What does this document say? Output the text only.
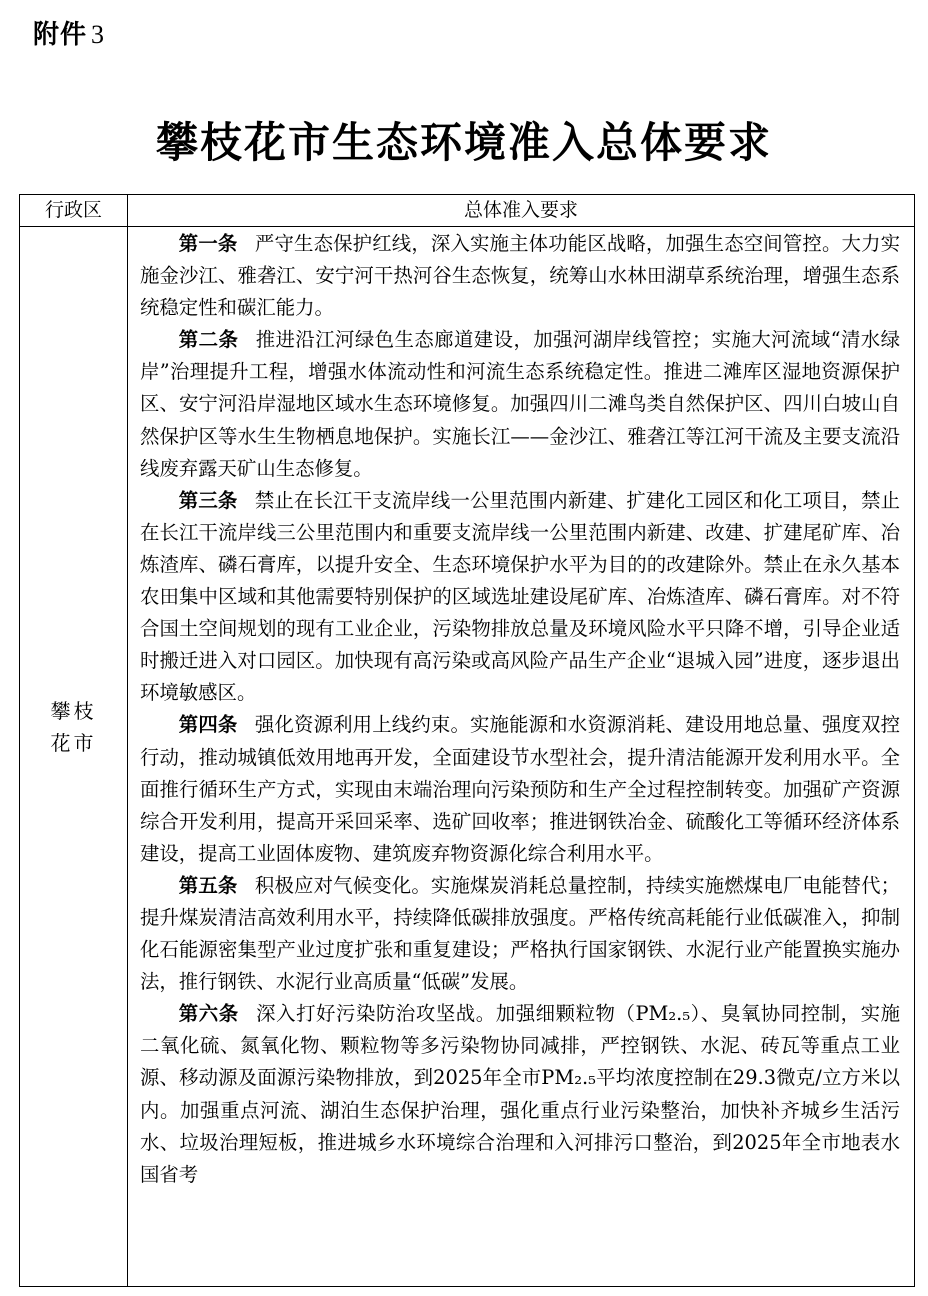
附件 3
攀枝花市生态环境准入总体要求
行政区	总体准入要求
攀枝
花市

第一条 严守生态保护红线，深入实施主体功能区战略，加强生态空间管控。大力实施金沙江、雅砻江、安宁河干热河谷生态恢复，统筹山水林田湖草系统治理，增强生态系统稳定性和碳汇能力。

第二条 推进沿江河绿色生态廊道建设，加强河湖岸线管控；实施大河流域“清水绿岸”治理提升工程，增强水体流动性和河流生态系统稳定性。推进二滩库区湿地资源保护区、安宁河沿岸湿地区域水生态环境修复。加强四川二滩鸟类自然保护区、四川白坡山自然保护区等水生生物栖息地保护。实施长江——金沙江、雅砻江等江河干流及主要支流沿线废弃露天矿山生态修复。

第三条 禁止在长江干支流岸线一公里范围内新建、扩建化工园区和化工项目，禁止在长江干流岸线三公里范围内和重要支流岸线一公里范围内新建、改建、扩建尾矿库、冶炼渣库、磷石膏库，以提升安全、生态环境保护水平为目的的改建除外。禁止在永久基本农田集中区域和其他需要特别保护的区域选址建设尾矿库、冶炼渣库、磷石膏库。对不符合国土空间规划的现有工业企业，污染物排放总量及环境风险水平只降不增，引导企业适时搬迁进入对口园区。加快现有高污染或高风险产品生产企业“退城入园”进度，逐步退出环境敏感区。

第四条 强化资源利用上线约束。实施能源和水资源消耗、建设用地总量、强度双控行动，推动城镇低效用地再开发，全面建设节水型社会，提升清洁能源开发利用水平。全面推行循环生产方式，实现由末端治理向污染预防和生产全过程控制转变。加强矿产资源综合开发利用，提高开采回采率、选矿回收率；推进钢铁冶金、硫酸化工等循环经济体系建设，提高工业固体废物、建筑废弃物资源化综合利用水平。

第五条 积极应对气候变化。实施煤炭消耗总量控制，持续实施燃煤电厂电能替代；提升煤炭清洁高效利用水平，持续降低碳排放强度。严格传统高耗能行业低碳准入，抑制化石能源密集型产业过度扩张和重复建设；严格执行国家钢铁、水泥行业产能置换实施办法，推行钢铁、水泥行业高质量“低碳”发展。

第六条 深入打好污染防治攻坚战。加强细颗粒物（PM₂.₅）、臭氧协同控制，实施二氧化硫、氮氧化物、颗粒物等多污染物协同减排，严控钢铁、水泥、砖瓦等重点工业源、移动源及面源污染物排放，到2025年全市PM₂.₅平均浓度控制在29.3微克/立方米以内。加强重点河流、湖泊生态保护治理，强化重点行业污染整治，加快补齐城乡生活污水、垃圾治理短板，推进城乡水环境综合治理和入河排污口整治，到2025年全市地表水国省考
